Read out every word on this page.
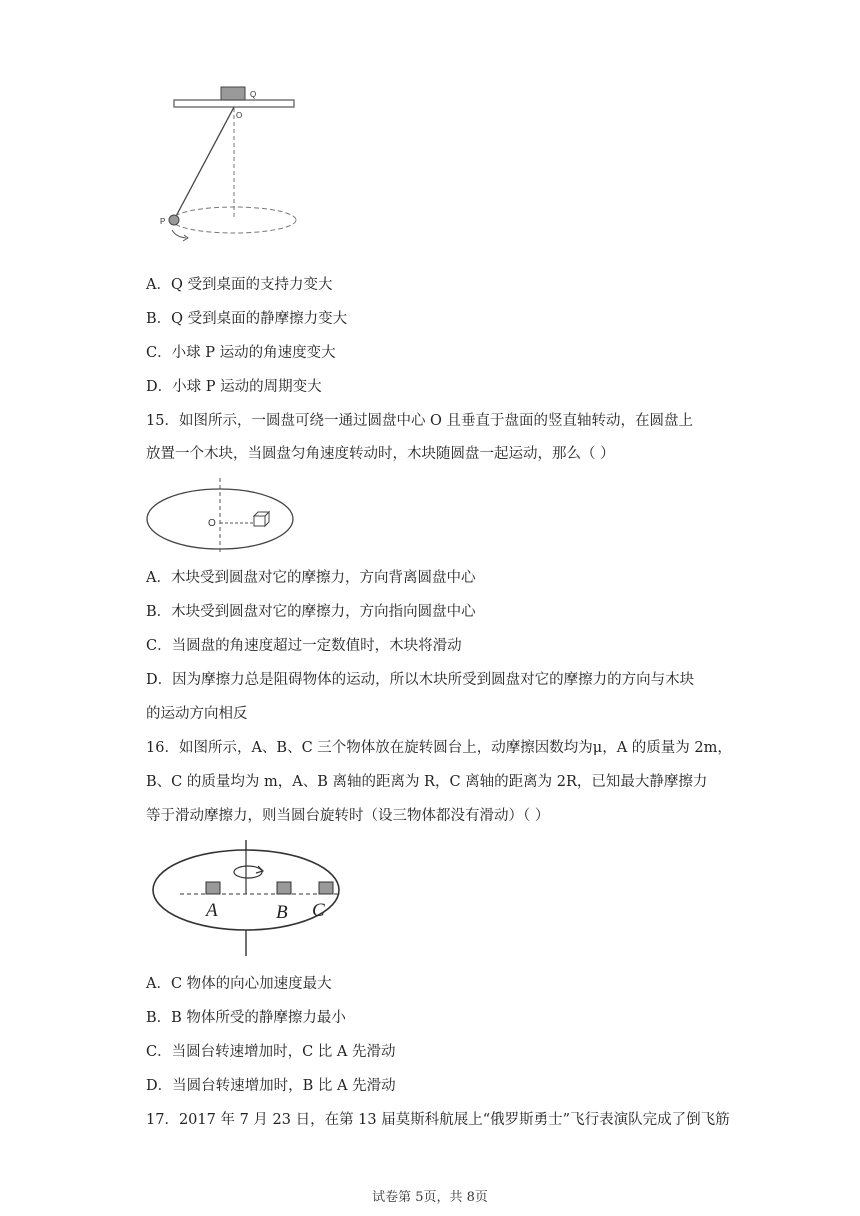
Q
O
P
A．Q 受到桌面的支持力变大
B．Q 受到桌面的静摩擦力变大
C．小球 P 运动的角速度变大
D．小球 P 运动的周期变大
15．如图所示，一圆盘可绕一通过圆盘中心 O 且垂直于盘面的竖直轴转动，在圆盘上
放置一个木块，当圆盘匀角速度转动时，木块随圆盘一起运动，那么（ ）
O
A．木块受到圆盘对它的摩擦力，方向背离圆盘中心
B．木块受到圆盘对它的摩擦力，方向指向圆盘中心
C．当圆盘的角速度超过一定数值时，木块将滑动
D．因为摩擦力总是阻碍物体的运动，所以木块所受到圆盘对它的摩擦力的方向与木块
的运动方向相反
16．如图所示，A、B、C 三个物体放在旋转圆台上，动摩擦因数均为μ，A 的质量为 2m，
B、C 的质量均为 m，A、B 离轴的距离为 R，C 离轴的距离为 2R，已知最大静摩擦力
等于滑动摩擦力，则当圆台旋转时（设三物体都没有滑动）（ ）
A	B C
A．C 物体的向心加速度最大
B．B 物体所受的静摩擦力最小
C．当圆台转速增加时，C 比 A 先滑动
D．当圆台转速增加时，B 比 A 先滑动
17．2017 年 7 月 23 日，在第 13 届莫斯科航展上“俄罗斯勇士”飞行表演队完成了倒飞筋
试卷第 5页，共 8页
